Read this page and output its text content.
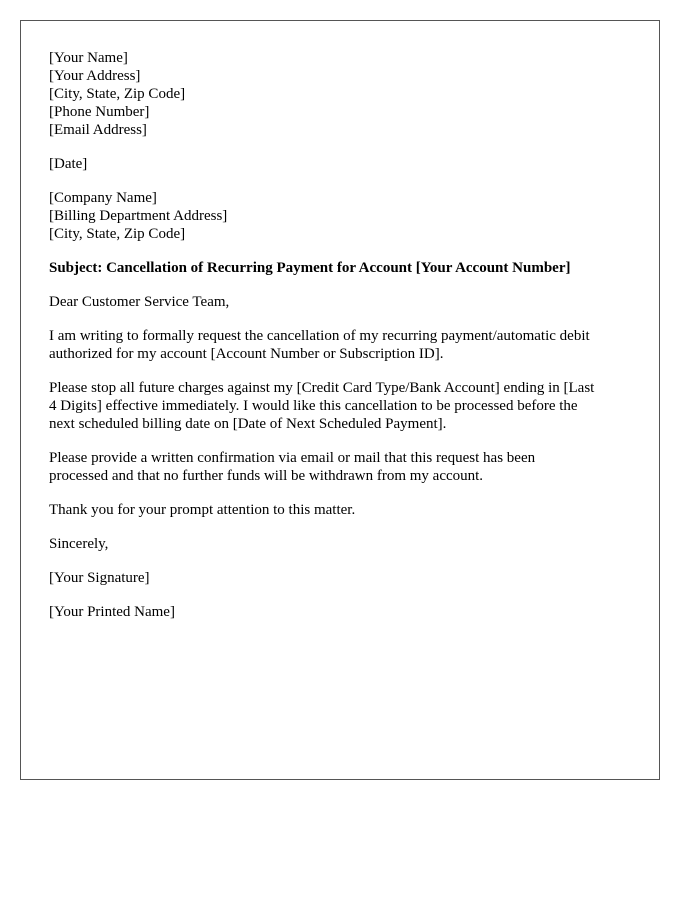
[Your Name]
[Your Address]
[City, State, Zip Code]
[Phone Number]
[Email Address]
[Date]
[Company Name]
[Billing Department Address]
[City, State, Zip Code]
Subject: Cancellation of Recurring Payment for Account [Your Account Number]

Dear Customer Service Team,

I am writing to formally request the cancellation of my recurring payment/automatic debit
authorized for my account [Account Number or Subscription ID].

Please stop all future charges against my [Credit Card Type/Bank Account] ending in [Last
4 Digits] effective immediately. I would like this cancellation to be processed before the
next scheduled billing date on [Date of Next Scheduled Payment].

Please provide a written confirmation via email or mail that this request has been
processed and that no further funds will be withdrawn from my account.

Thank you for your prompt attention to this matter.

Sincerely,

[Your Signature]

[Your Printed Name]
